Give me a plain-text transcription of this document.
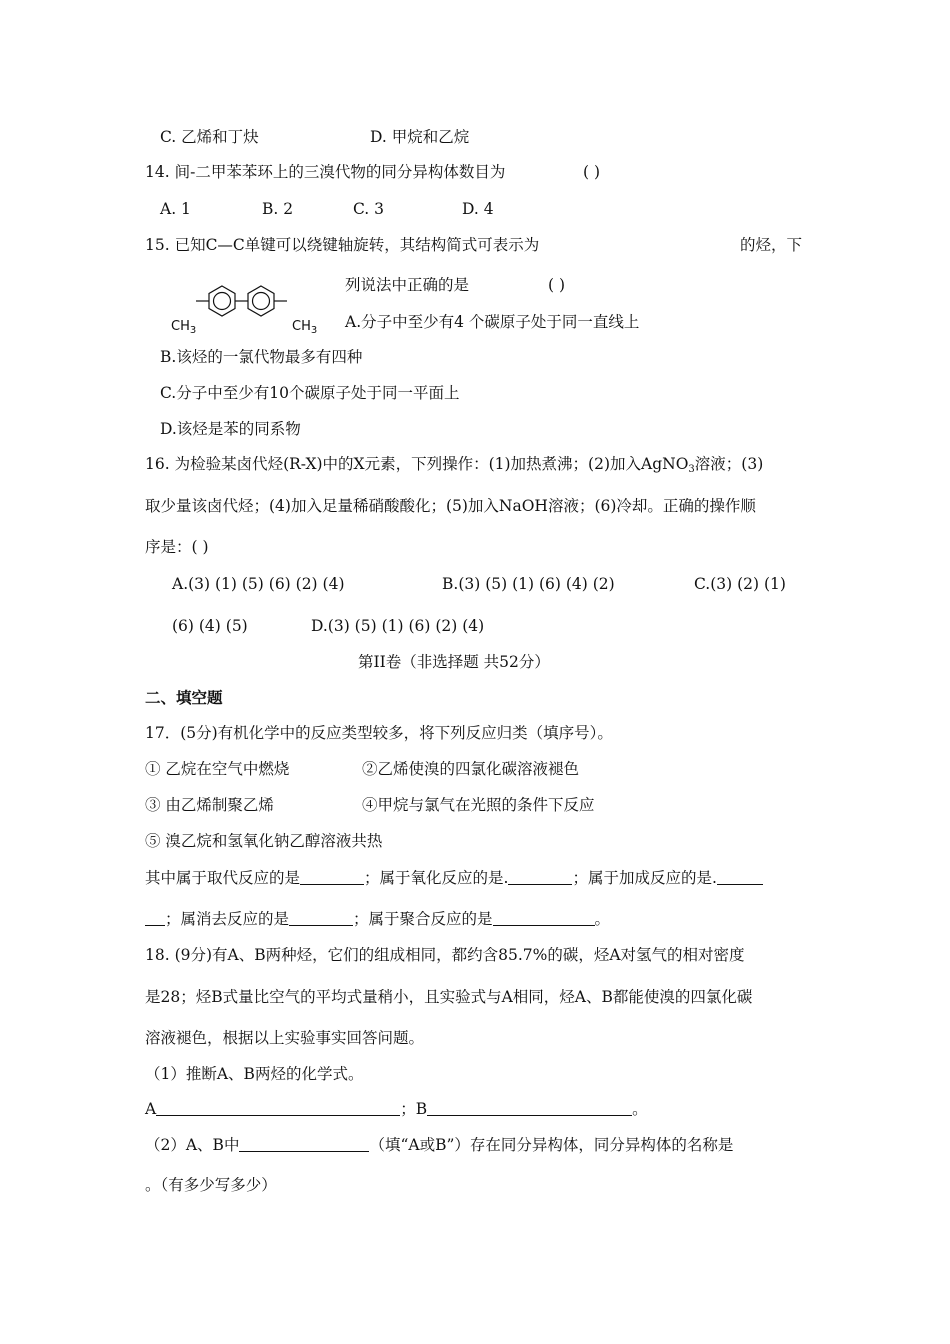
C. 乙烯和丁炔	D. 甲烷和乙烷
14. 间-二甲苯苯环上的三溴代物的同分异构体数目为	( )
A. 1	B. 2	C. 3	D. 4
15. 已知C—C单键可以绕键轴旋转，其结构简式可表示为	的烃，下
列说法中正确的是	( )
$CH_3$	$CH_3$ A.分子中至少有4 个碳原子处于同一直线上
B.该烃的一氯代物最多有四种
C.分子中至少有10个碳原子处于同一平面上
D.该烃是苯的同系物
16. 为检验某卤代烃(R-X)中的X元素，下列操作：(1)加热煮沸；(2)加入AgNO$_3$溶液；(3)
取少量该卤代烃；(4)加入足量稀硝酸酸化；(5)加入NaOH溶液；(6)冷却。正确的操作顺
序是：( )
A.(3) (1) (5) (6) (2) (4)	B.(3) (5) (1) (6) (4) (2)	C.(3) (2) (1)
(6) (4) (5)	D.(3) (5) (1) (6) (2) (4)
第II卷（非选择题 共52分）
二、填空题
17．(5分)有机化学中的反应类型较多，将下列反应归类（填序号）。
① 乙烷在空气中燃烧	②乙烯使溴的四氯化碳溶液褪色
③ 由乙烯制聚乙烯	④甲烷与氯气在光照的条件下反应
⑤ 溴乙烷和氢氧化钠乙醇溶液共热
其中属于取代反应的是	；属于氧化反应的是.	；属于加成反应的是.
；属消去反应的是	；属于聚合反应的是	。
18. (9分)有A、B两种烃，它们的组成相同，都约含85.7%的碳，烃A对氢气的相对密度
是28；烃B式量比空气的平均式量稍小，且实验式与A相同，烃A、B都能使溴的四氯化碳
溶液褪色，根据以上实验事实回答问题。
（1）推断A、B两烃的化学式。
A	；B	。
（2）A、B中	（填“A或B”）存在同分异构体，同分异构体的名称是
。（有多少写多少）
